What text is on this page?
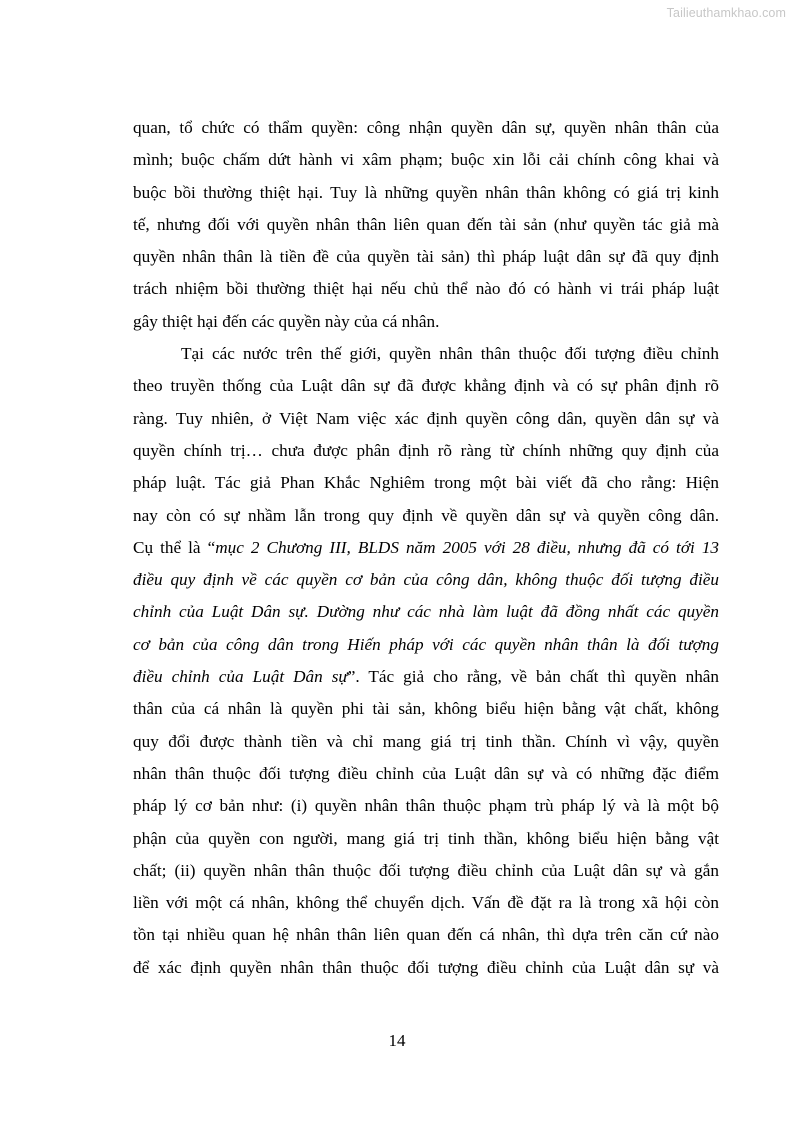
Tailieuthamkhao.com
quan, tổ chức có thẩm quyền: công nhận quyền dân sự, quyền nhân thân của
mình; buộc chấm dứt hành vi xâm phạm; buộc xin lỗi cải chính công khai và
buộc bồi thường thiệt hại. Tuy là những quyền nhân thân không có giá trị kinh
tế, nhưng đối với quyền nhân thân liên quan đến tài sản (như quyền tác giả mà
quyền nhân thân là tiền đề của quyền tài sản) thì pháp luật dân sự đã quy định
trách nhiệm bồi thường thiệt hại nếu chủ thể nào đó có hành vi trái pháp luật
gây thiệt hại đến các quyền này của cá nhân.
Tại các nước trên thế giới, quyền nhân thân thuộc đối tượng điều chỉnh
theo truyền thống của Luật dân sự đã được khẳng định và có sự phân định rõ
ràng. Tuy nhiên, ở Việt Nam việc xác định quyền công dân, quyền dân sự và
quyền chính trị… chưa được phân định rõ ràng từ chính những quy định của
pháp luật. Tác giả Phan Khắc Nghiêm trong một bài viết đã cho rằng: Hiện
nay còn có sự nhầm lẫn trong quy định về quyền dân sự và quyền công dân.
Cụ thể là “mục 2 Chương III, BLDS năm 2005 với 28 điều, nhưng đã có tới 13
điều quy định về các quyền cơ bản của công dân, không thuộc đối tượng điều
chỉnh của Luật Dân sự. Dường như các nhà làm luật đã đồng nhất các quyền
cơ bản của công dân trong Hiến pháp với các quyền nhân thân là đối tượng
điều chỉnh của Luật Dân sự”. Tác giả cho rằng, về bản chất thì quyền nhân
thân của cá nhân là quyền phi tài sản, không biểu hiện bằng vật chất, không
quy đổi được thành tiền và chỉ mang giá trị tinh thần. Chính vì vậy, quyền
nhân thân thuộc đối tượng điều chỉnh của Luật dân sự và có những đặc điểm
pháp lý cơ bản như: (i) quyền nhân thân thuộc phạm trù pháp lý và là một bộ
phận của quyền con người, mang giá trị tinh thần, không biểu hiện bằng vật
chất; (ii) quyền nhân thân thuộc đối tượng điều chỉnh của Luật dân sự và gắn
liền với một cá nhân, không thể chuyển dịch. Vấn đề đặt ra là trong xã hội còn
tồn tại nhiều quan hệ nhân thân liên quan đến cá nhân, thì dựa trên căn cứ nào
để xác định quyền nhân thân thuộc đối tượng điều chỉnh của Luật dân sự và
14
